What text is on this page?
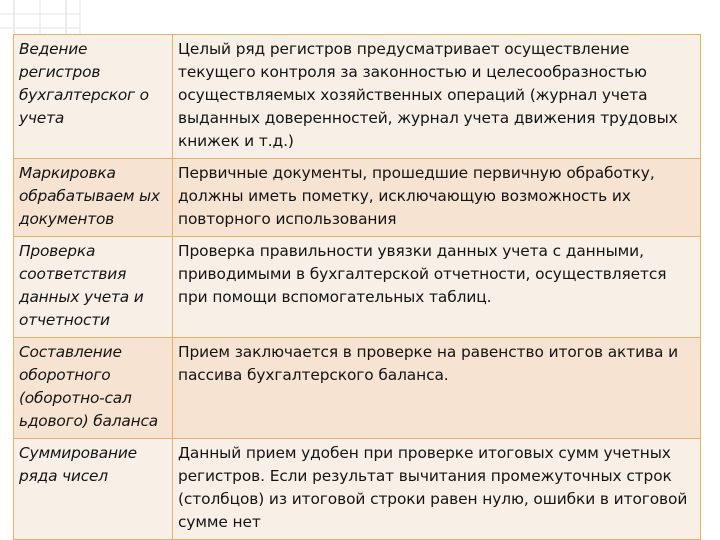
Ведение регистров бухгалтерског о учета	Целый ряд регистров предусматривает осуществление текущего контроля за законностью и целесообразностью осуществляемых хозяйственных операций (журнал учета выданных доверенностей, журнал учета движения трудовых книжек и т.д.)

Маркировка обрабатываем ых документов	Первичные документы, прошедшие первичную обработку, должны иметь пометку, исключающую возможность их повторного использования

Проверка соответствия данных учета и отчетности	Проверка правильности увязки данных учета с данными, приводимыми в бухгалтерской отчетности, осуществляется при помощи вспомогательных таблиц.

Составление оборотного (оборотно-сал ьдового) баланса	Прием заключается в проверке на равенство итогов актива и пассива бухгалтерского баланса.

Суммирование ряда чисел	Данный прием удобен при проверке итоговых сумм учетных регистров. Если результат вычитания промежуточных строк (столбцов) из итоговой строки равен нулю, ошибки в итоговой сумме нет
